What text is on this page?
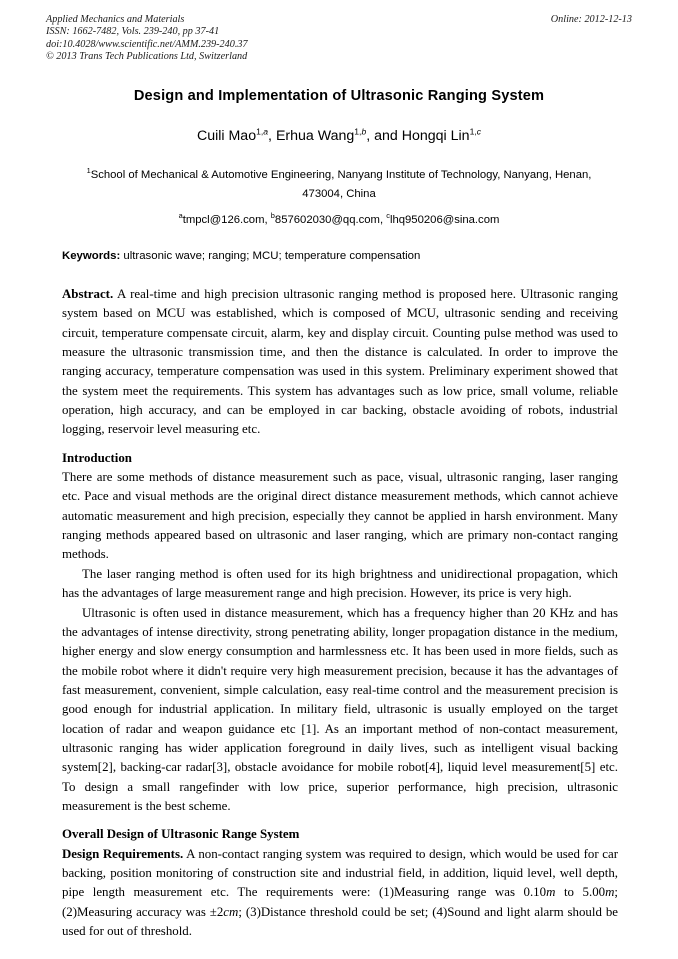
Applied Mechanics and Materials	Online: 2012-12-13
ISSN: 1662-7482, Vols. 239-240, pp 37-41
doi:10.4028/www.scientific.net/AMM.239-240.37
© 2013 Trans Tech Publications Ltd, Switzerland
Design and Implementation of Ultrasonic Ranging System
Cuili Mao$^{1,a}$, Erhua Wang$^{1,b}$, and Hongqi Lin$^{1,c}$
$^1$School of Mechanical & Automotive Engineering, Nanyang Institute of Technology, Nanyang, Henan, 473004, China
$^a$tmpcl@126.com, $^b$857602030@qq.com, $^c$lhq950206@sina.com
Keywords: ultrasonic wave; ranging; MCU; temperature compensation

Abstract. A real-time and high precision ultrasonic ranging method is proposed here. Ultrasonic ranging system based on MCU was established, which is composed of MCU, ultrasonic sending and receiving circuit, temperature compensate circuit, alarm, key and display circuit. Counting pulse method was used to measure the ultrasonic transmission time, and then the distance is calculated. In order to improve the ranging accuracy, temperature compensation was used in this system. Preliminary experiment showed that the system meet the requirements. This system has advantages such as low price, small volume, reliable operation, high accuracy, and can be employed in car backing, obstacle avoiding of robots, industrial logging, reservoir level measuring etc.

Introduction

There are some methods of distance measurement such as pace, visual, ultrasonic ranging, laser ranging etc. Pace and visual methods are the original direct distance measurement methods, which cannot achieve automatic measurement and high precision, especially they cannot be applied in harsh environment. Many ranging methods appeared based on ultrasonic and laser ranging, which are primary non-contact ranging methods.

The laser ranging method is often used for its high brightness and unidirectional propagation, which has the advantages of large measurement range and high precision. However, its price is very high.

Ultrasonic is often used in distance measurement, which has a frequency higher than 20 KHz and has the advantages of intense directivity, strong penetrating ability, longer propagation distance in the medium, higher energy and slow energy consumption and harmlessness etc. It has been used in more fields, such as the mobile robot where it didn't require very high measurement precision, because it has the advantages of fast measurement, convenient, simple calculation, easy real-time control and the measurement precision is good enough for industrial application. In military field, ultrasonic is usually employed on the target location of radar and weapon guidance etc [1]. As an important method of non-contact measurement, ultrasonic ranging has wider application foreground in daily lives, such as intelligent visual backing system[2], backing-car radar[3], obstacle avoidance for mobile robot[4], liquid level measurement[5] etc. To design a small rangefinder with low price, superior performance, high precision, ultrasonic measurement is the best scheme.

Overall Design of Ultrasonic Range System

Design Requirements. A non-contact ranging system was required to design, which would be used for car backing, position monitoring of construction site and industrial field, in addition, liquid level, well depth, pipe length measurement etc. The requirements were: (1)Measuring range was 0.10m to 5.00m; (2)Measuring accuracy was ±2cm; (3)Distance threshold could be set; (4)Sound and light alarm should be used for out of threshold.
